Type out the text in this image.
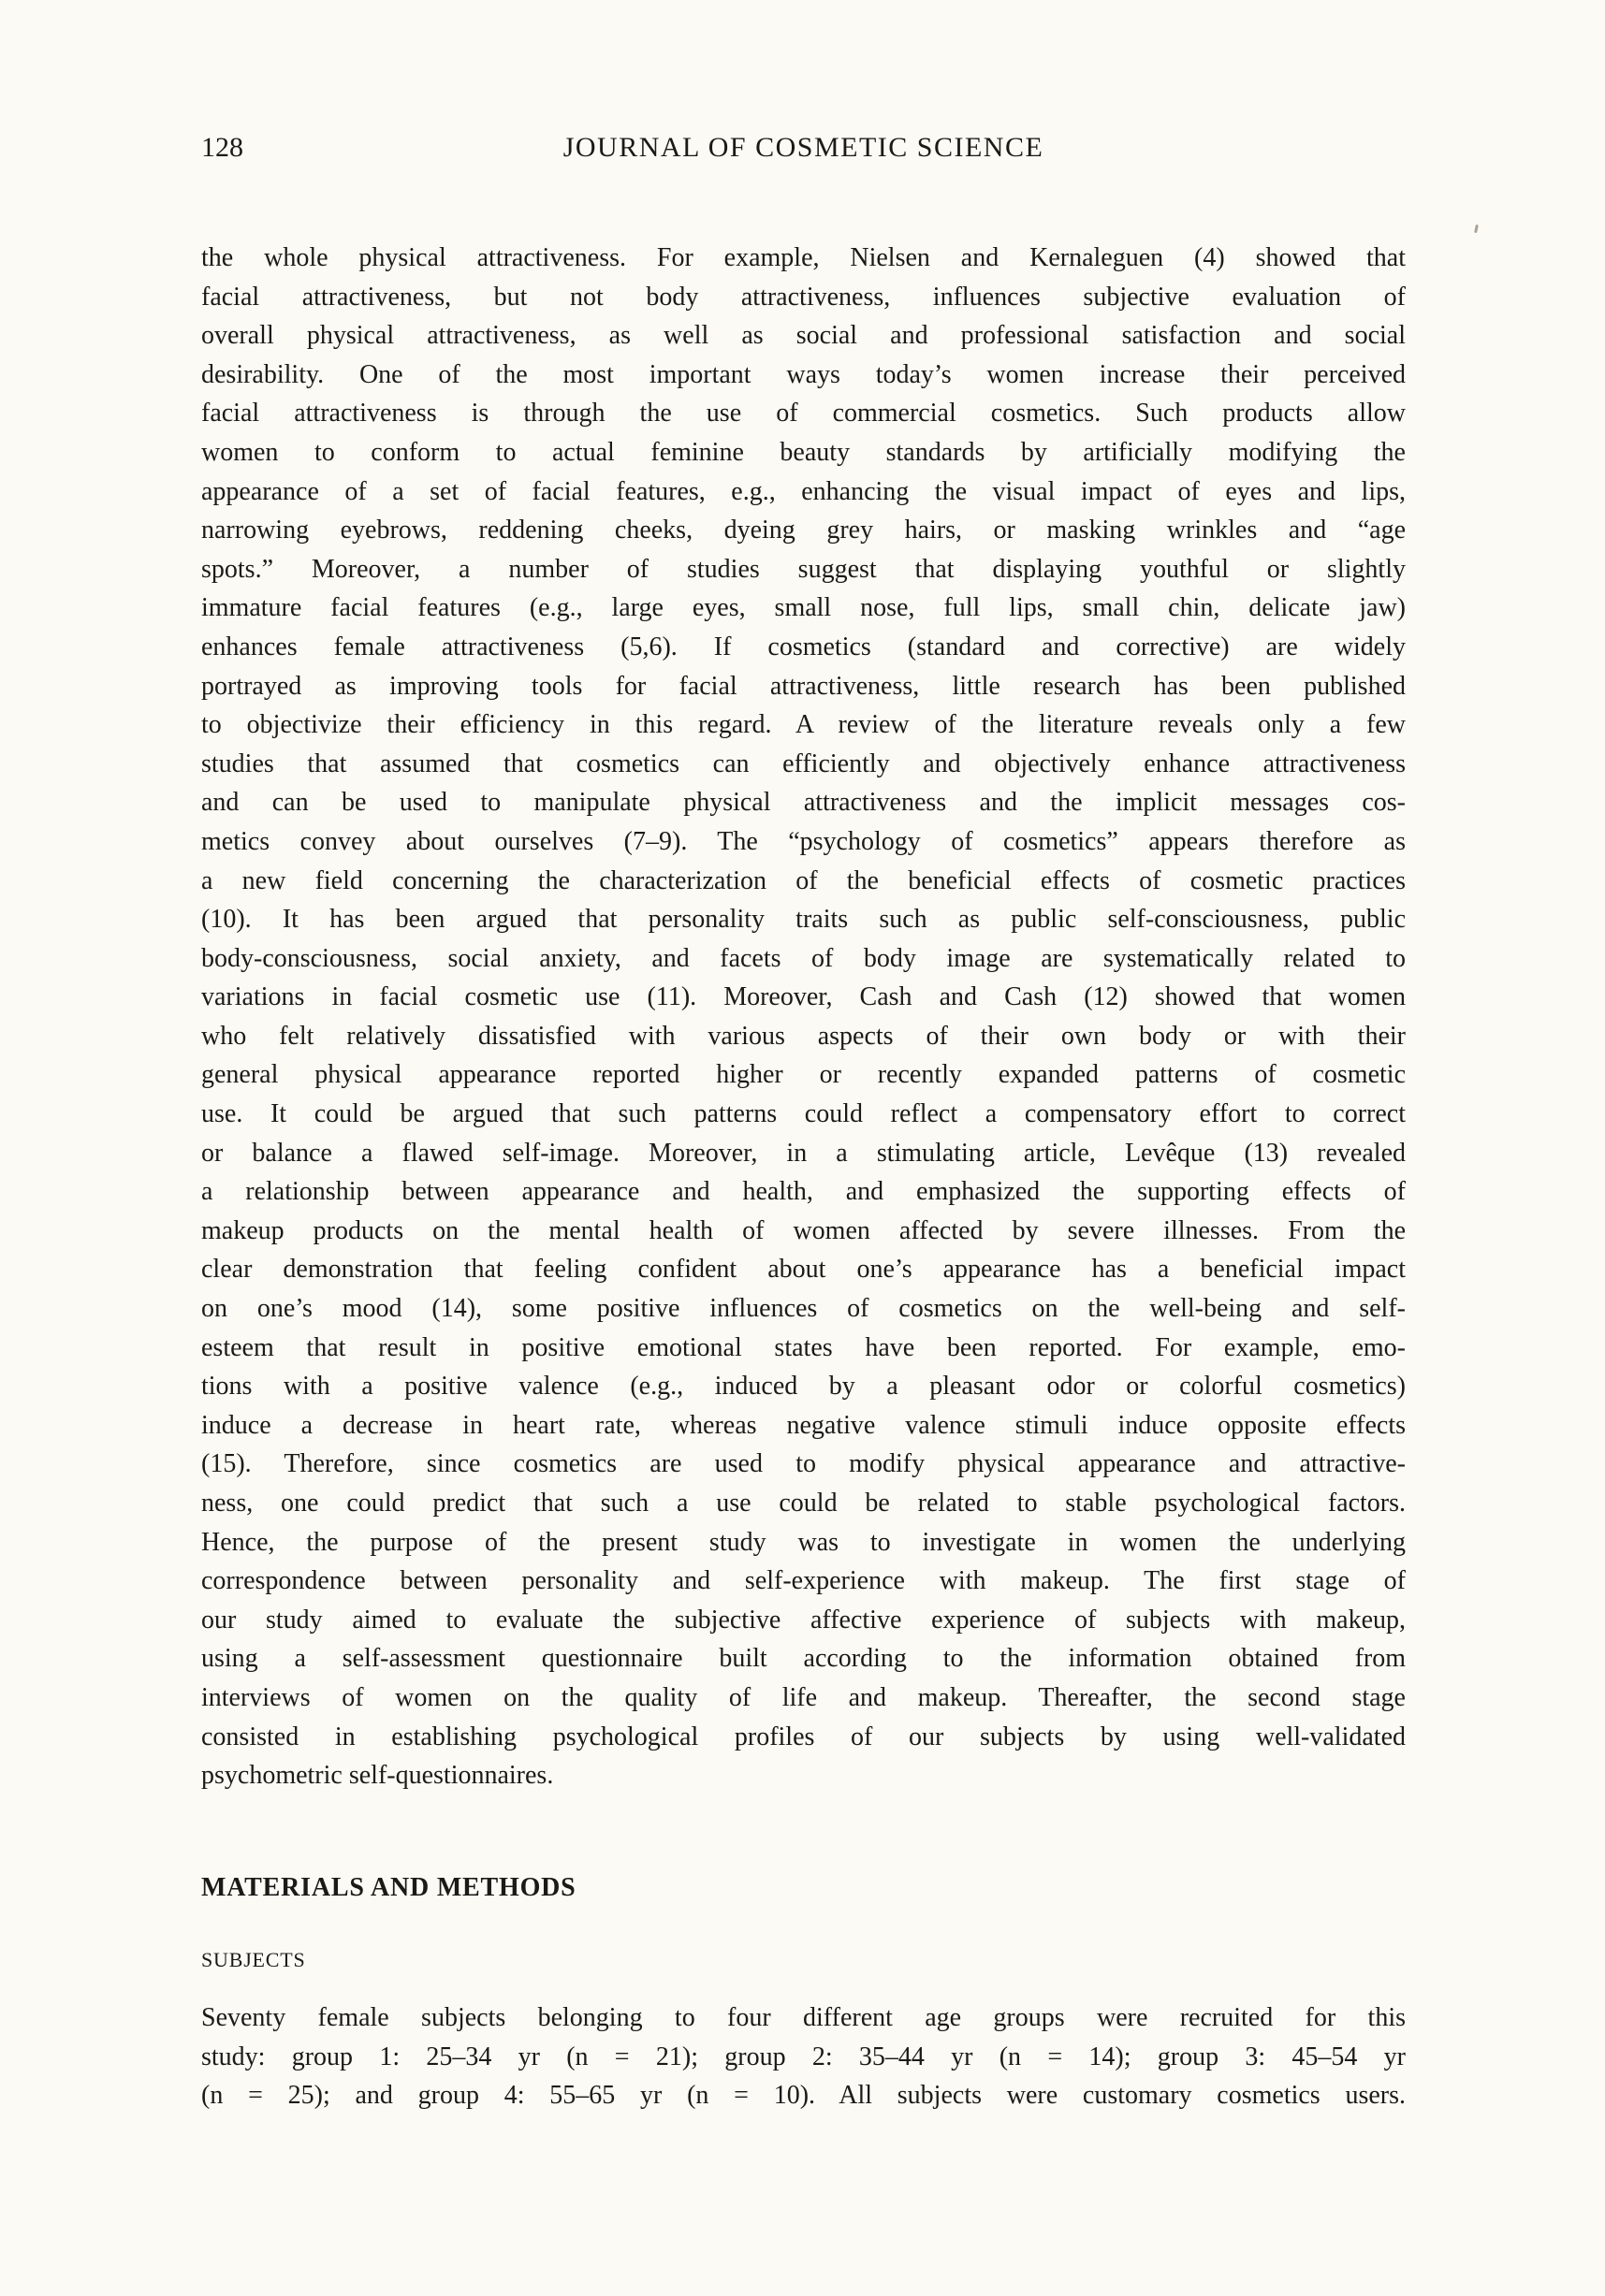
128	JOURNAL OF COSMETIC SCIENCE
the whole physical attractiveness. For example, Nielsen and Kernaleguen (4) showed that
facial attractiveness, but not body attractiveness, influences subjective evaluation of
overall physical attractiveness, as well as social and professional satisfaction and social
desirability. One of the most important ways today’s women increase their perceived
facial attractiveness is through the use of commercial cosmetics. Such products allow
women to conform to actual feminine beauty standards by artificially modifying the
appearance of a set of facial features, e.g., enhancing the visual impact of eyes and lips,
narrowing eyebrows, reddening cheeks, dyeing grey hairs, or masking wrinkles and “age
spots.” Moreover, a number of studies suggest that displaying youthful or slightly
immature facial features (e.g., large eyes, small nose, full lips, small chin, delicate jaw)
enhances female attractiveness (5,6). If cosmetics (standard and corrective) are widely
portrayed as improving tools for facial attractiveness, little research has been published
to objectivize their efficiency in this regard. A review of the literature reveals only a few
studies that assumed that cosmetics can efficiently and objectively enhance attractiveness
and can be used to manipulate physical attractiveness and the implicit messages cos-
metics convey about ourselves (7–9). The “psychology of cosmetics” appears therefore as
a new field concerning the characterization of the beneficial effects of cosmetic practices
(10). It has been argued that personality traits such as public self-consciousness, public
body-consciousness, social anxiety, and facets of body image are systematically related to
variations in facial cosmetic use (11). Moreover, Cash and Cash (12) showed that women
who felt relatively dissatisfied with various aspects of their own body or with their
general physical appearance reported higher or recently expanded patterns of cosmetic
use. It could be argued that such patterns could reflect a compensatory effort to correct
or balance a flawed self-image. Moreover, in a stimulating article, Levêque (13) revealed
a relationship between appearance and health, and emphasized the supporting effects of
makeup products on the mental health of women affected by severe illnesses. From the
clear demonstration that feeling confident about one’s appearance has a beneficial impact
on one’s mood (14), some positive influences of cosmetics on the well-being and self-
esteem that result in positive emotional states have been reported. For example, emo-
tions with a positive valence (e.g., induced by a pleasant odor or colorful cosmetics)
induce a decrease in heart rate, whereas negative valence stimuli induce opposite effects
(15). Therefore, since cosmetics are used to modify physical appearance and attractive-
ness, one could predict that such a use could be related to stable psychological factors.
Hence, the purpose of the present study was to investigate in women the underlying
correspondence between personality and self-experience with makeup. The first stage of
our study aimed to evaluate the subjective affective experience of subjects with makeup,
using a self-assessment questionnaire built according to the information obtained from
interviews of women on the quality of life and makeup. Thereafter, the second stage
consisted in establishing psychological profiles of our subjects by using well-validated
psychometric self-questionnaires.
MATERIALS AND METHODS
SUBJECTS
Seventy female subjects belonging to four different age groups were recruited for this
study: group 1: 25–34 yr (n = 21); group 2: 35–44 yr (n = 14); group 3: 45–54 yr
(n = 25); and group 4: 55–65 yr (n = 10). All subjects were customary cosmetics users.
